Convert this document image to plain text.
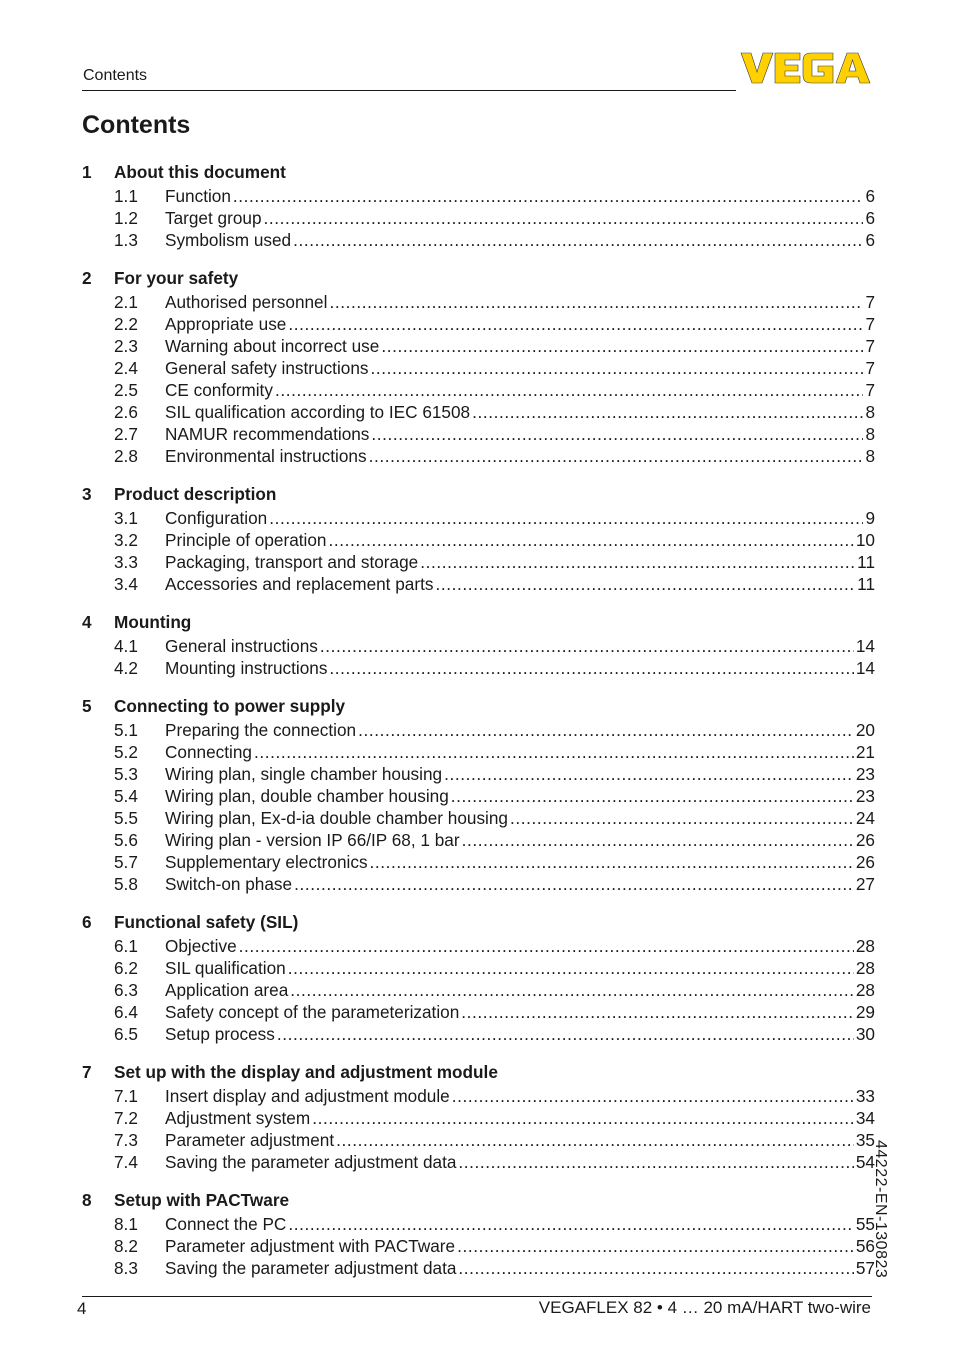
Contents
Contents
1	About this document
1.1	Function .....	6
1.2	Target group .....	6
1.3	Symbolism used .....	6
2	For your safety
2.1	Authorised personnel .....	7
2.2	Appropriate use .....	7
2.3	Warning about incorrect use .....	7
2.4	General safety instructions .....	7
2.5	CE conformity .....	7
2.6	SIL qualification according to IEC 61508 .....	8
2.7	NAMUR recommendations .....	8
2.8	Environmental instructions .....	8
3	Product description
3.1	Configuration .....	9
3.2	Principle of operation .....	10
3.3	Packaging, transport and storage .....	11
3.4	Accessories and replacement parts .....	11
4	Mounting
4.1	General instructions .....	14
4.2	Mounting instructions .....	14
5	Connecting to power supply
5.1	Preparing the connection .....	20
5.2	Connecting .....	21
5.3	Wiring plan, single chamber housing .....	23
5.4	Wiring plan, double chamber housing .....	23
5.5	Wiring plan, Ex-d-ia double chamber housing .....	24
5.6	Wiring plan - version IP 66/IP 68, 1 bar .....	26
5.7	Supplementary electronics .....	26
5.8	Switch-on phase .....	27
6	Functional safety (SIL)
6.1	Objective .....	28
6.2	SIL qualification .....	28
6.3	Application area .....	28
6.4	Safety concept of the parameterization .....	29
6.5	Setup process .....	30
7	Set up with the display and adjustment module
7.1	Insert display and adjustment module .....	33
7.2	Adjustment system .....	34
7.3	Parameter adjustment .....	35
7.4	Saving the parameter adjustment data .....	54
8	Setup with PACTware
8.1	Connect the PC .....	55
8.2	Parameter adjustment with PACTware .....	56
8.3	Saving the parameter adjustment data .....	57
44222-EN-130823
4	VEGAFLEX 82 • 4 … 20 mA/HART two-wire
